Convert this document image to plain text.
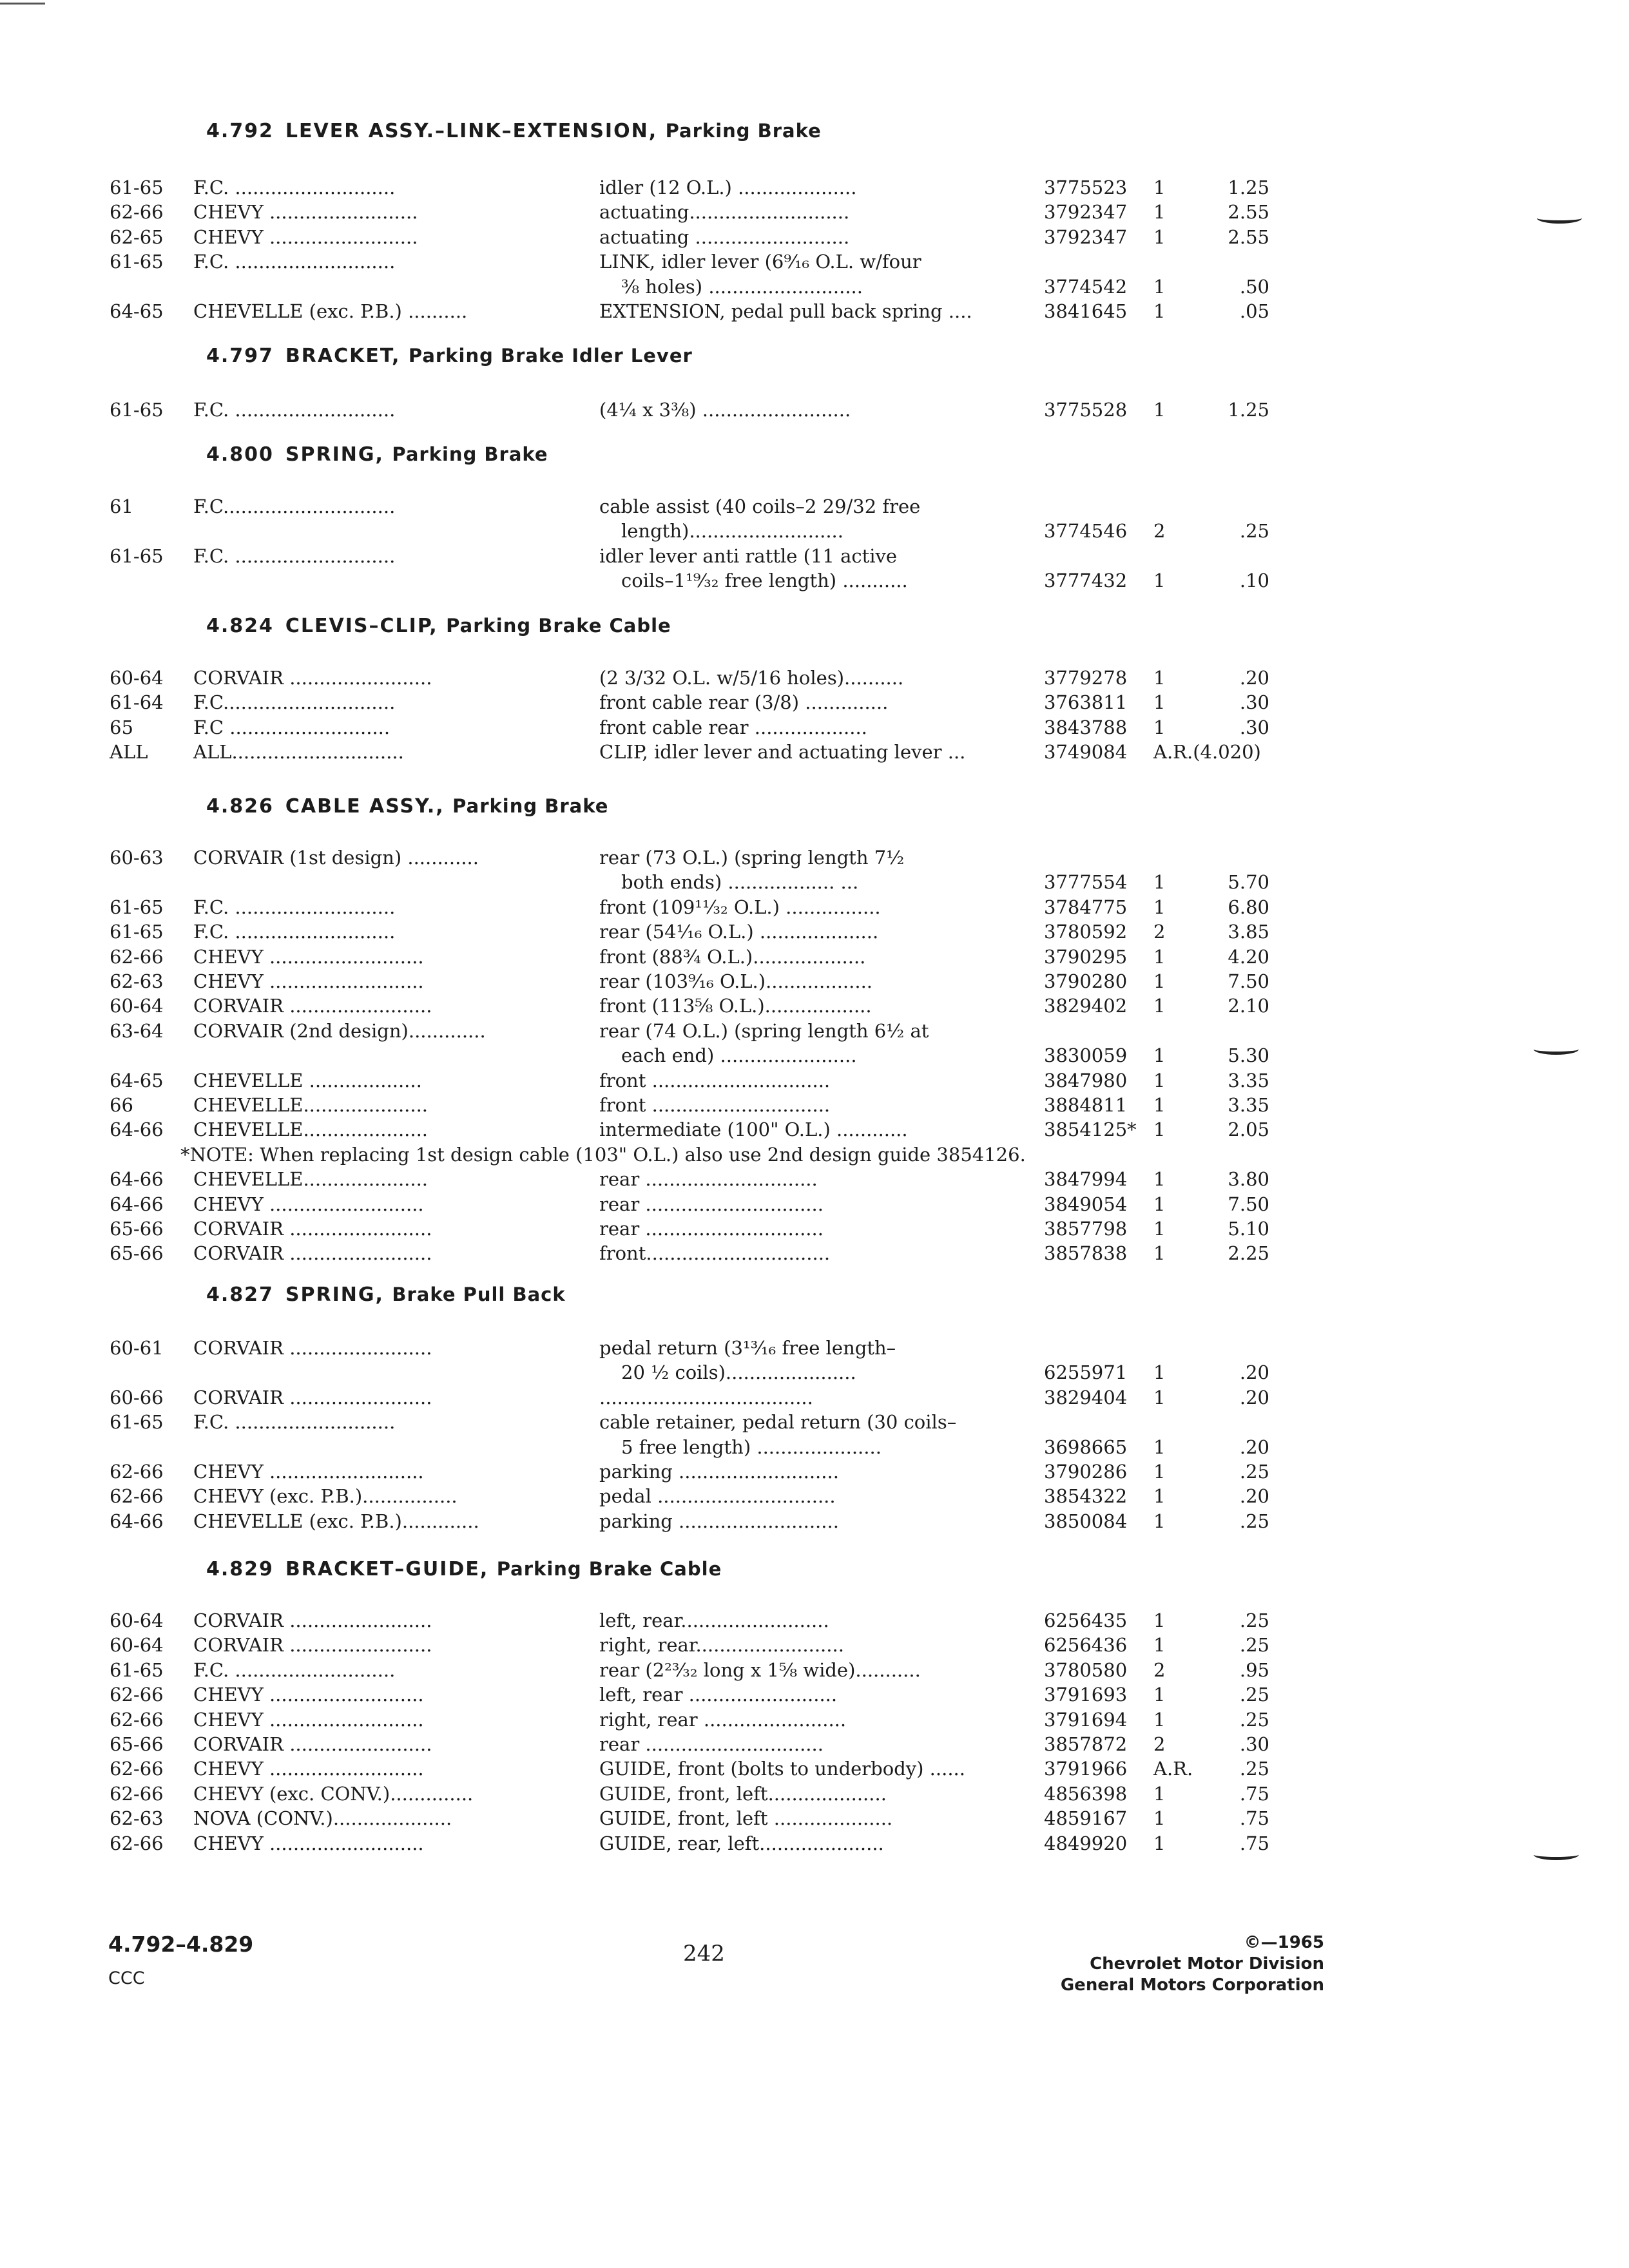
4.792 LEVER ASSY.–LINK–EXTENSION, Parking Brake
61-65	F.C. ...........................	idler (12 O.L.) ....................	3775523	1	1.25
62-66	CHEVY .........................	actuating...........................	3792347	1	2.55
62-65	CHEVY .........................	actuating ..........................	3792347	1	2.55
61-65	F.C. ...........................	LINK, idler lever (6⁹⁄₁₆ O.L. w/four
⅜ holes) ..........................	3774542	1	.50
64-65	CHEVELLE (exc. P.B.) ..........	EXTENSION, pedal pull back spring ....	3841645	1	.05
4.797 BRACKET, Parking Brake Idler Lever
61-65	F.C. ...........................	(4¼ x 3⅜) .........................	3775528	1	1.25
4.800 SPRING, Parking Brake
61	F.C.............................	cable assist (40 coils–2 29/32 free
length)..........................	3774546	2	.25
61-65	F.C. ...........................	idler lever anti rattle (11 active
coils–1¹⁹⁄₃₂ free length) ...........	3777432	1	.10
4.824 CLEVIS–CLIP, Parking Brake Cable
60-64	CORVAIR ........................	(2 3/32 O.L. w/5/16 holes)..........	3779278	1	.20
61-64	F.C.............................	front cable rear (3/8) ..............	3763811	1	.30
65	F.C ...........................	front cable rear ...................	3843788	1	.30
ALL	ALL.............................	CLIP, idler lever and actuating lever ...	3749084	A.R.(4.020)
4.826 CABLE ASSY., Parking Brake
60-63	CORVAIR (1st design) ............	rear (73 O.L.) (spring length 7½
both ends) .................. ...	3777554	1	5.70
61-65	F.C. ...........................	front (109¹¹⁄₃₂ O.L.) ................	3784775	1	6.80
61-65	F.C. ...........................	rear (54¹⁄₁₆ O.L.) ....................	3780592	2	3.85
62-66	CHEVY ..........................	front (88¾ O.L.)...................	3790295	1	4.20
62-63	CHEVY ..........................	rear (103⁹⁄₁₆ O.L.)..................	3790280	1	7.50
60-64	CORVAIR ........................	front (113⅝ O.L.)..................	3829402	1	2.10
63-64	CORVAIR (2nd design).............	rear (74 O.L.) (spring length 6½ at
each end) .......................	3830059	1	5.30
64-65	CHEVELLE ...................	front ..............................	3847980	1	3.35
66	CHEVELLE.....................	front ..............................	3884811	1	3.35
64-66	CHEVELLE.....................	intermediate (100" O.L.) ............	3854125* 1	2.05
*NOTE: When replacing 1st design cable (103" O.L.) also use 2nd design guide 3854126.
64-66	CHEVELLE.....................	rear .............................	3847994	1	3.80
64-66	CHEVY ..........................	rear ..............................	3849054	1	7.50
65-66	CORVAIR ........................	rear ..............................	3857798	1	5.10
65-66	CORVAIR ........................	front...............................	3857838	1	2.25
4.827 SPRING, Brake Pull Back
60-61	CORVAIR ........................	pedal return (3¹³⁄₁₆ free length–
20 ½ coils)......................	6255971	1	.20
60-66	CORVAIR ........................	....................................	3829404	1	.20
61-65	F.C. ...........................	cable retainer, pedal return (30 coils–
5 free length) .....................	3698665	1	.20
62-66	CHEVY ..........................	parking ...........................	3790286	1	.25
62-66	CHEVY (exc. P.B.)................	pedal ..............................	3854322	1	.20
64-66	CHEVELLE (exc. P.B.).............	parking ...........................	3850084	1	.25
4.829 BRACKET–GUIDE, Parking Brake Cable
60-64	CORVAIR ........................	left, rear.........................	6256435	1	.25
60-64	CORVAIR ........................	right, rear.........................	6256436	1	.25
61-65	F.C. ...........................	rear (2²³⁄₃₂ long x 1⅝ wide)...........	3780580	2	.95
62-66	CHEVY ..........................	left, rear .........................	3791693	1	.25
62-66	CHEVY ..........................	right, rear ........................	3791694	1	.25
65-66	CORVAIR ........................	rear ..............................	3857872	2	.30
62-66	CHEVY ..........................	GUIDE, front (bolts to underbody) ......	3791966	A.R.	.25
62-66	CHEVY (exc. CONV.)..............	GUIDE, front, left....................	4856398	1	.75
62-63	NOVA (CONV.)....................	GUIDE, front, left ....................	4859167	1	.75
62-66	CHEVY ..........................	GUIDE, rear, left.....................	4849920	1	.75
4.792–4.829
CCC
242	©—1965
Chevrolet Motor Division
General Motors Corporation
